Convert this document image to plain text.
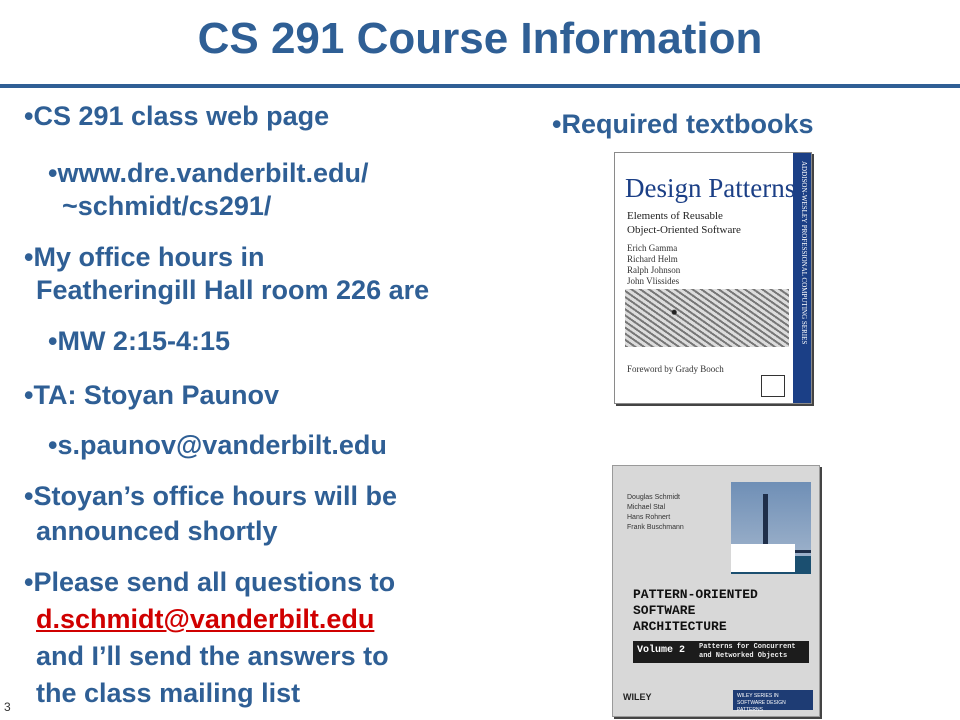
CS 291 Course Information
•CS 291 class web page
•www.dre.vanderbilt.edu/
~schmidt/cs291/
•My office hours in
Featheringill Hall room 226 are
•MW 2:15-4:15
•TA: Stoyan Paunov
•s.paunov@vanderbilt.edu
•Stoyan’s office hours will be
announced shortly
•Please send all questions to
d.schmidt@vanderbilt.edu
and I’ll send the answers to
the class mailing list
•Required textbooks
ADDISON-WESLEY PROFESSIONAL COMPUTING SERIES
Design Patterns
Elements of Reusable
Object-Oriented Software
Erich Gamma
Richard Helm
Ralph Johnson
John Vlissides
Foreword by Grady Booch
Douglas Schmidt
Michael Stal
Hans Rohnert
Frank Buschmann
PATTERN-ORIENTED
SOFTWARE
ARCHITECTURE
Volume 2 Patterns for Concurrent
and Networked Objects
WILEY	WILEY SERIES IN
SOFTWARE DESIGN PATTERNS
3
